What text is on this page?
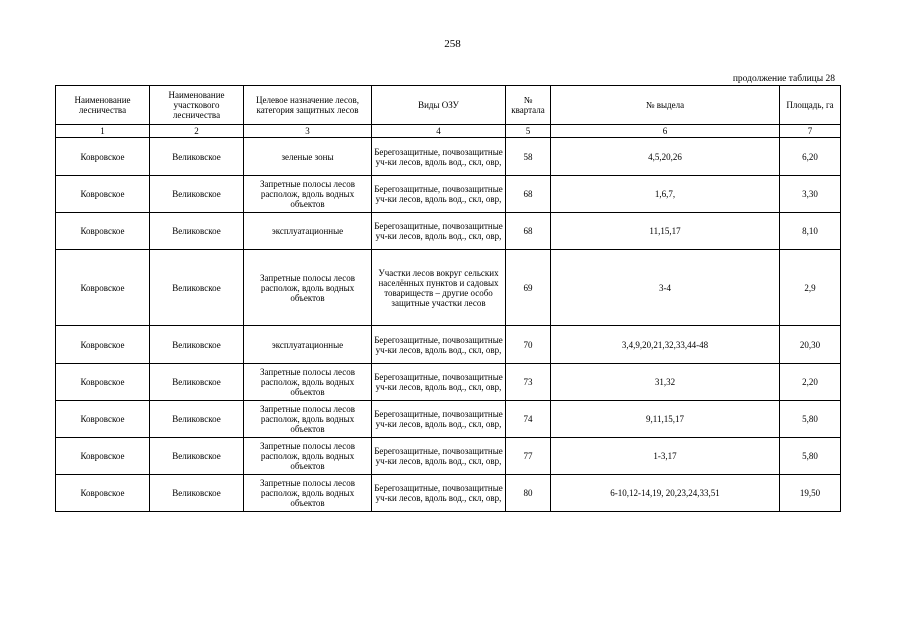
258
продолжение таблицы 28
Наименование лесничества	Наименование участкового лесничества	Целевое назначение лесов, категория защитных лесов	Виды ОЗУ	№ квартала	№ выдела	Площадь, га
1	2	3	4	5	6	7
Ковровское	Великовское	зеленые зоны	Берегозащитные, почвозащитные уч-ки лесов, вдоль вод., скл, овр,	58	4,5,20,26	6,20
Ковровское	Великовское	Запретные полосы лесов располож, вдоль водных объектов	Берегозащитные, почвозащитные уч-ки лесов, вдоль вод., скл, овр,	68	1,6,7,	3,30
Ковровское	Великовское	эксплуатационные	Берегозащитные, почвозащитные уч-ки лесов, вдоль вод., скл, овр,	68	11,15,17	8,10
Ковровское	Великовское	Запретные полосы лесов располож, вдоль водных объектов	Участки лесов вокруг сельских населённых пунктов и садовых товариществ – другие особо защитные участки лесов	69	3-4	2,9
Ковровское	Великовское	эксплуатационные	Берегозащитные, почвозащитные уч-ки лесов, вдоль вод., скл, овр,	70	3,4,9,20,21,32,33,44-48	20,30
Ковровское	Великовское	Запретные полосы лесов располож, вдоль водных объектов	Берегозащитные, почвозащитные уч-ки лесов, вдоль вод., скл, овр,	73	31,32	2,20
Ковровское	Великовское	Запретные полосы лесов располож, вдоль водных объектов	Берегозащитные, почвозащитные уч-ки лесов, вдоль вод., скл, овр,	74	9,11,15,17	5,80
Ковровское	Великовское	Запретные полосы лесов располож, вдоль водных объектов	Берегозащитные, почвозащитные уч-ки лесов, вдоль вод., скл, овр,	77	1-3,17	5,80
Ковровское	Великовское	Запретные полосы лесов располож, вдоль водных объектов	Берегозащитные, почвозащитные уч-ки лесов, вдоль вод., скл, овр,	80	6-10,12-14,19, 20,23,24,33,51	19,50
